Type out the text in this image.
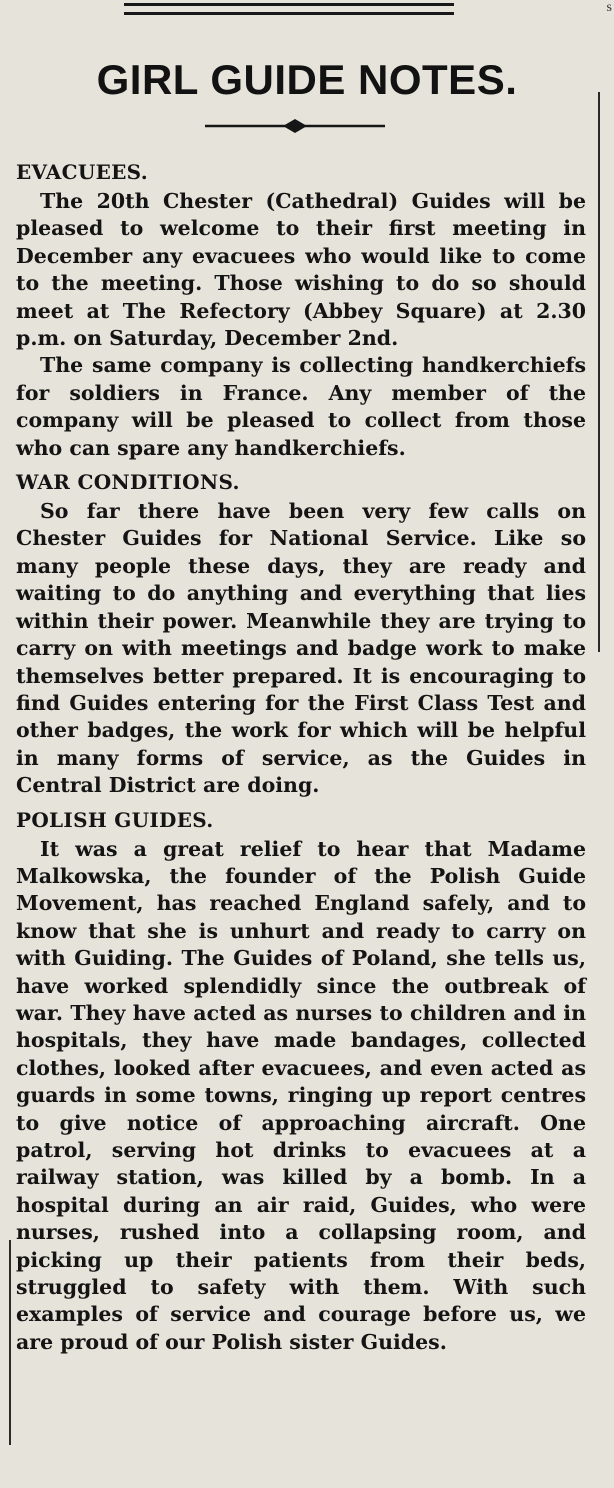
s
GIRL GUIDE NOTES.
EVACUEES.

The 20th Chester (Cathedral) Guides will be pleased to welcome to their first meeting in December any evacuees who would like to come to the meeting. Those wishing to do so should meet at The Refectory (Abbey Square) at 2.30 p.m. on Saturday, December 2nd.

The same company is collecting handkerchiefs for soldiers in France. Any member of the company will be pleased to collect from those who can spare any handkerchiefs.

WAR CONDITIONS.

So far there have been very few calls on Chester Guides for National Service. Like so many people these days, they are ready and waiting to do anything and everything that lies within their power. Meanwhile they are trying to carry on with meetings and badge work to make themselves better prepared. It is encouraging to find Guides entering for the First Class Test and other badges, the work for which will be helpful in many forms of service, as the Guides in Central District are doing.

POLISH GUIDES.

It was a great relief to hear that Madame Malkowska, the founder of the Polish Guide Movement, has reached England safely, and to know that she is unhurt and ready to carry on with Guiding. The Guides of Poland, she tells us, have worked splendidly since the outbreak of war. They have acted as nurses to children and in hospitals, they have made bandages, collected clothes, looked after evacuees, and even acted as guards in some towns, ringing up report centres to give notice of approaching aircraft. One patrol, serving hot drinks to evacuees at a railway station, was killed by a bomb. In a hospital during an air raid, Guides, who were nurses, rushed into a collapsing room, and picking up their patients from their beds, struggled to safety with them. With such examples of service and courage before us, we are proud of our Polish sister Guides.
